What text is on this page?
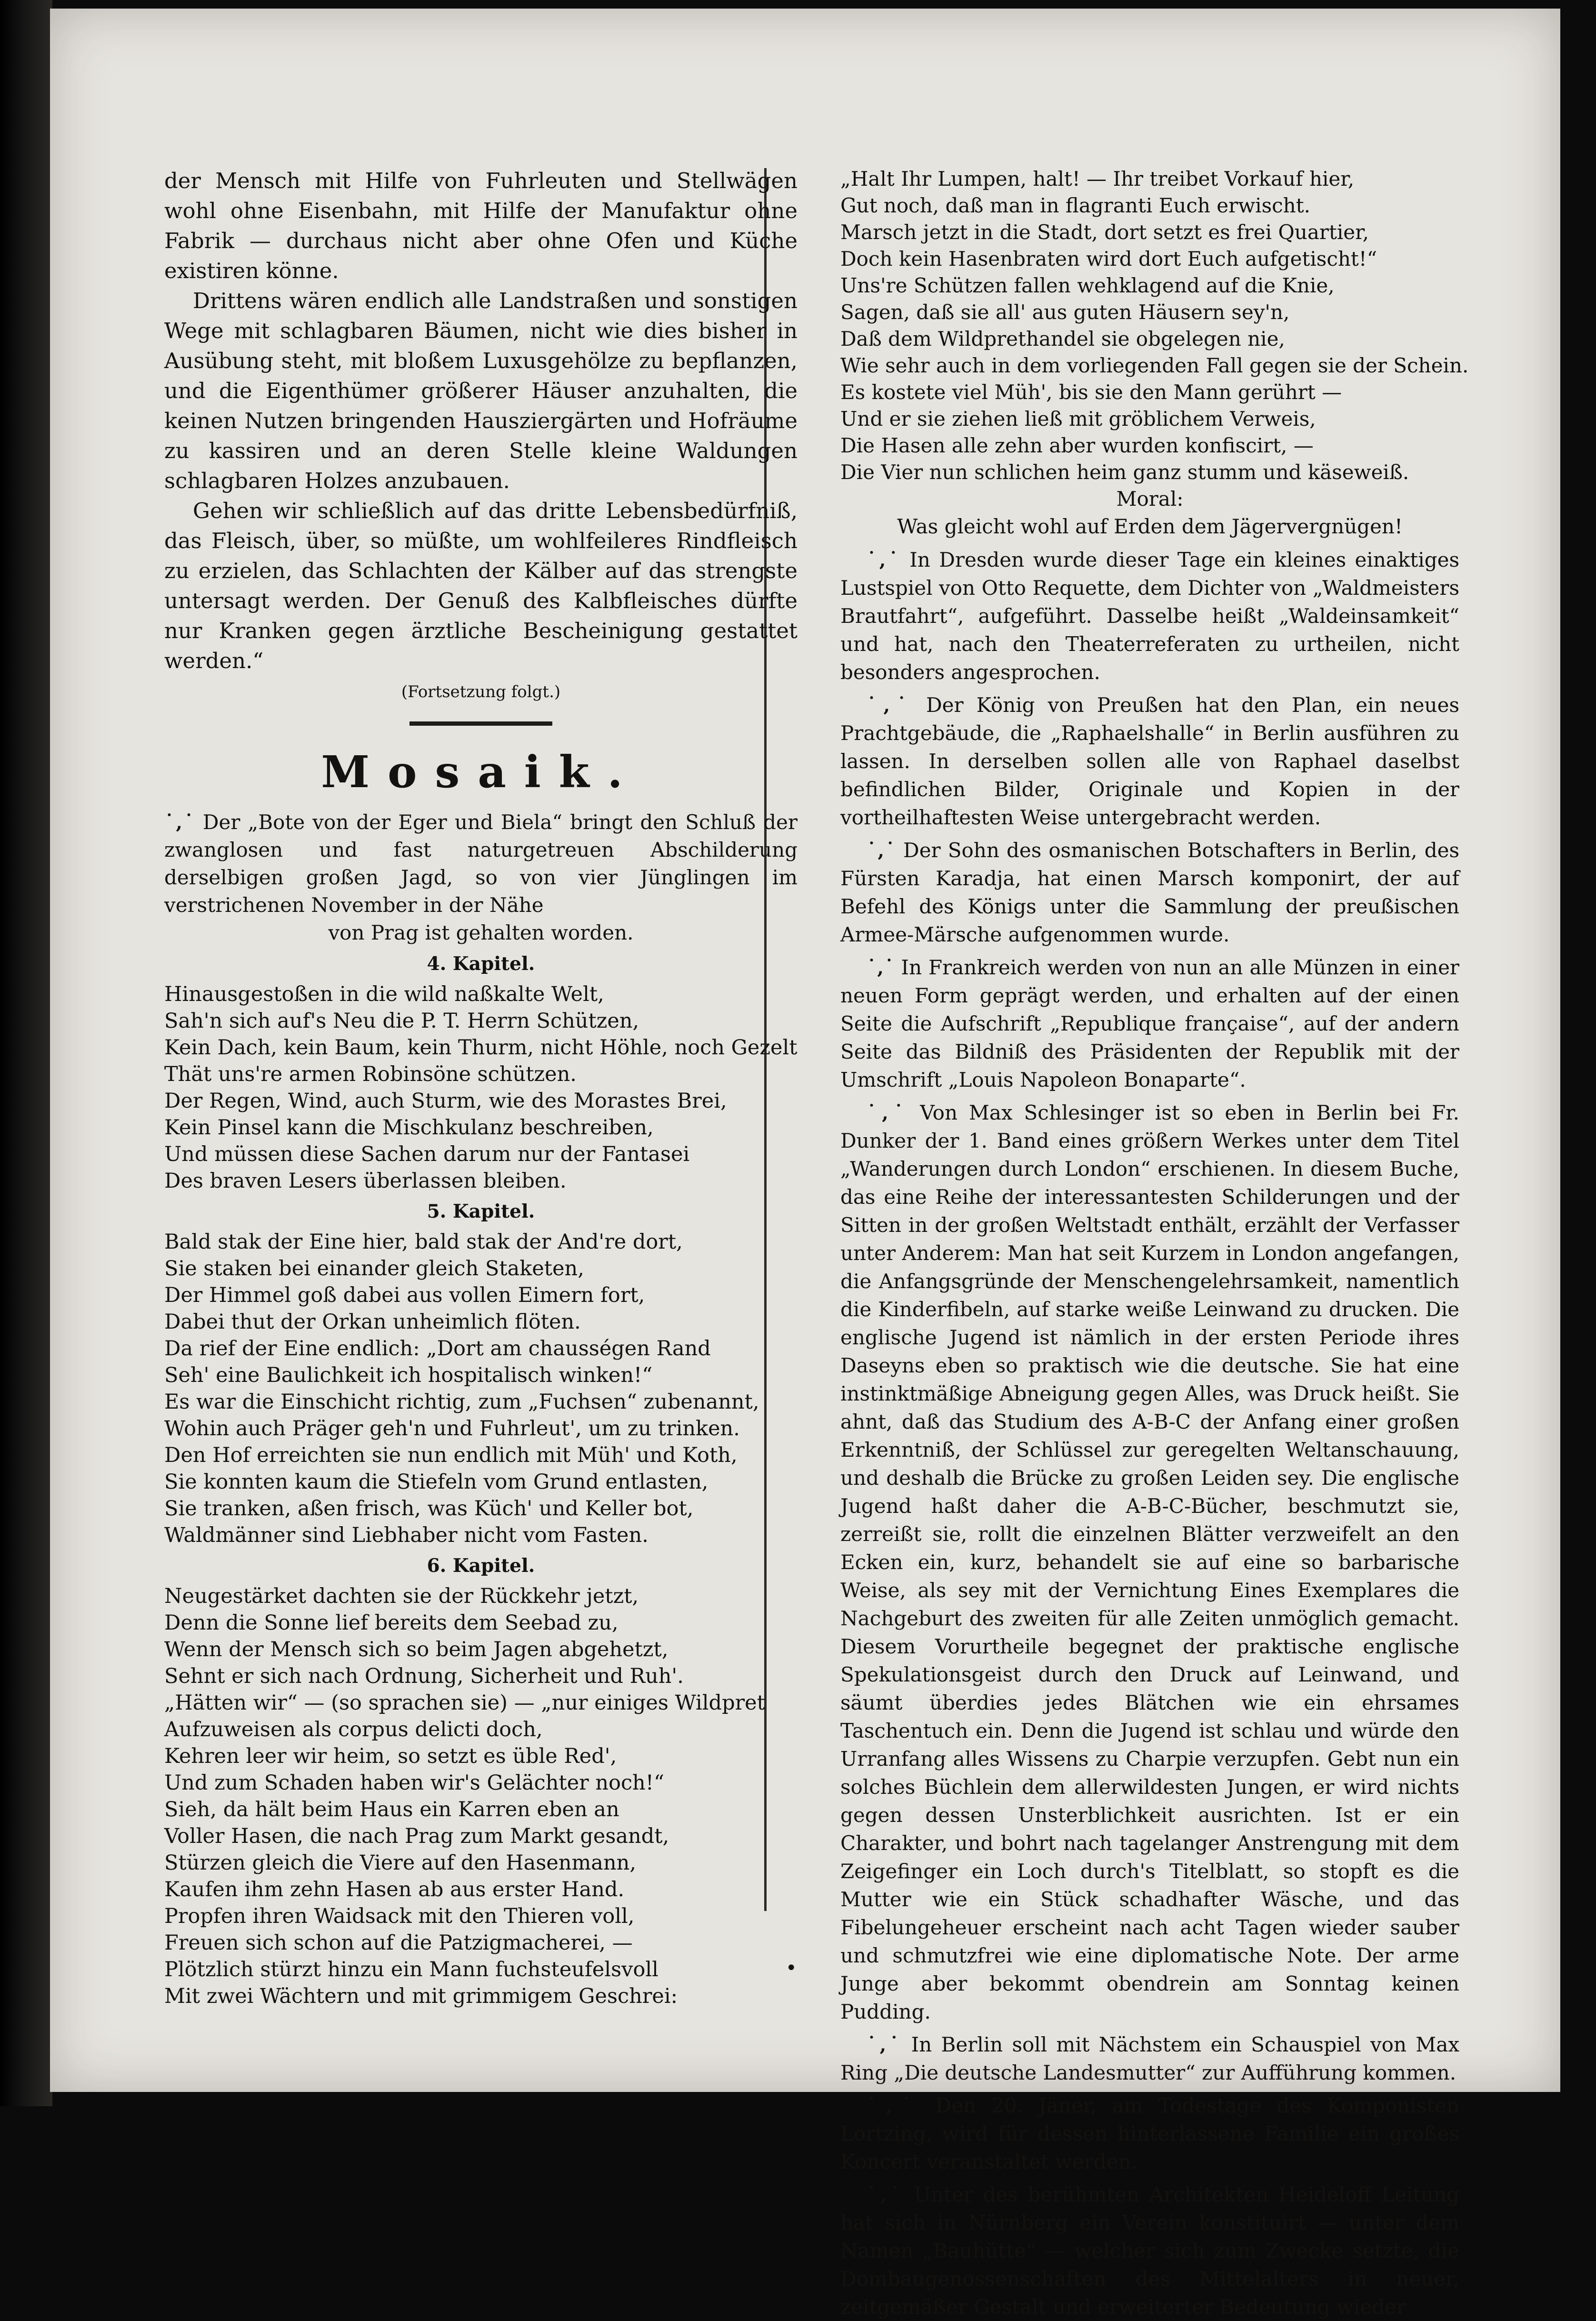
der Mensch mit Hilfe von Fuhrleuten und Stellwägen wohl ohne Eisenbahn, mit Hilfe der Manufaktur ohne Fabrik — durchaus nicht aber ohne Ofen und Küche existiren könne.

Drittens wären endlich alle Landstraßen und sonstigen Wege mit schlagbaren Bäumen, nicht wie dies bisher in Ausübung steht, mit bloßem Luxusgehölze zu bepflanzen, und die Eigenthümer größerer Häuser anzuhalten, die keinen Nutzen bringenden Hausziergärten und Hofräume zu kassiren und an deren Stelle kleine Waldungen schlagbaren Holzes anzubauen.

Gehen wir schließlich auf das dritte Lebensbedürfniß, das Fleisch, über, so müßte, um wohlfeileres Rindfleisch zu erzielen, das Schlachten der Kälber auf das strengste untersagt werden. Der Genuß des Kalbfleisches dürfte nur Kranken gegen ärztliche Bescheinigung gestattet werden.“

(Fortsetzung folgt.)

Mosaik.

˙‚˙ Der „Bote von der Eger und Biela“ bringt den Schluß der zwanglosen und fast naturgetreuen Abschilderung derselbigen großen Jagd, so von vier Jünglingen im verstrichenen November in der Nähe
von Prag ist gehalten worden.

4. Kapitel.
Hinausgestoßen in die wild naßkalte Welt,
Sah'n sich auf's Neu die P. T. Herrn Schützen,
Kein Dach, kein Baum, kein Thurm, nicht Höhle, noch Gezelt
Thät uns're armen Robinsöne schützen.
Der Regen, Wind, auch Sturm, wie des Morastes Brei,
Kein Pinsel kann die Mischkulanz beschreiben,
Und müssen diese Sachen darum nur der Fantasei
Des braven Lesers überlassen bleiben.
5. Kapitel.
Bald stak der Eine hier, bald stak der And're dort,
Sie staken bei einander gleich Staketen,
Der Himmel goß dabei aus vollen Eimern fort,
Dabei thut der Orkan unheimlich flöten.
Da rief der Eine endlich: „Dort am chausségen Rand
Seh' eine Baulichkeit ich hospitalisch winken!“
Es war die Einschicht richtig, zum „Fuchsen“ zubenannt,
Wohin auch Präger geh'n und Fuhrleut', um zu trinken.
Den Hof erreichten sie nun endlich mit Müh' und Koth,
Sie konnten kaum die Stiefeln vom Grund entlasten,
Sie tranken, aßen frisch, was Küch' und Keller bot,
Waldmänner sind Liebhaber nicht vom Fasten.
6. Kapitel.
Neugestärket dachten sie der Rückkehr jetzt,
Denn die Sonne lief bereits dem Seebad zu,
Wenn der Mensch sich so beim Jagen abgehetzt,
Sehnt er sich nach Ordnung, Sicherheit und Ruh'.
„Hätten wir“ — (so sprachen sie) — „nur einiges Wildpret
Aufzuweisen als corpus delicti doch,
Kehren leer wir heim, so setzt es üble Red',
Und zum Schaden haben wir's Gelächter noch!“
Sieh, da hält beim Haus ein Karren eben an
Voller Hasen, die nach Prag zum Markt gesandt,
Stürzen gleich die Viere auf den Hasenmann,
Kaufen ihm zehn Hasen ab aus erster Hand.
Propfen ihren Waidsack mit den Thieren voll,
Freuen sich schon auf die Patzigmacherei, —
Plötzlich stürzt hinzu ein Mann fuchsteufelsvoll
Mit zwei Wächtern und mit grimmigem Geschrei:
„Halt Ihr Lumpen, halt! — Ihr treibet Vorkauf hier,
Gut noch, daß man in flagranti Euch erwischt.
Marsch jetzt in die Stadt, dort setzt es frei Quartier,
Doch kein Hasenbraten wird dort Euch aufgetischt!“
Uns're Schützen fallen wehklagend auf die Knie,
Sagen, daß sie all' aus guten Häusern sey'n,
Daß dem Wildprethandel sie obgelegen nie,
Wie sehr auch in dem vorliegenden Fall gegen sie der Schein.
Es kostete viel Müh', bis sie den Mann gerührt —
Und er sie ziehen ließ mit gröblichem Verweis,
Die Hasen alle zehn aber wurden konfiscirt, —
Die Vier nun schlichen heim ganz stumm und käseweiß.
Moral:
Was gleicht wohl auf Erden dem Jägervergnügen!

˙‚˙ In Dresden wurde dieser Tage ein kleines einaktiges Lustspiel von Otto Requette, dem Dichter von „Waldmeisters Brautfahrt“, aufgeführt. Dasselbe heißt „Waldeinsamkeit“ und hat, nach den Theaterreferaten zu urtheilen, nicht besonders angesprochen.

˙‚˙ Der König von Preußen hat den Plan, ein neues Prachtgebäude, die „Raphaelshalle“ in Berlin ausführen zu lassen. In derselben sollen alle von Raphael daselbst befindlichen Bilder, Originale und Kopien in der vortheilhaftesten Weise untergebracht werden.

˙‚˙ Der Sohn des osmanischen Botschafters in Berlin, des Fürsten Karadja, hat einen Marsch komponirt, der auf Befehl des Königs unter die Sammlung der preußischen Armee-Märsche aufgenommen wurde.

˙‚˙ In Frankreich werden von nun an alle Münzen in einer neuen Form geprägt werden, und erhalten auf der einen Seite die Aufschrift „Republique française“, auf der andern Seite das Bildniß des Präsidenten der Republik mit der Umschrift „Louis Napoleon Bonaparte“.

˙‚˙ Von Max Schlesinger ist so eben in Berlin bei Fr. Dunker der 1. Band eines größern Werkes unter dem Titel „Wanderungen durch London“ erschienen. In diesem Buche, das eine Reihe der interessantesten Schilderungen und der Sitten in der großen Weltstadt enthält, erzählt der Verfasser unter Anderem: Man hat seit Kurzem in London angefangen, die Anfangsgründe der Menschengelehrsamkeit, namentlich die Kinderfibeln, auf starke weiße Leinwand zu drucken. Die englische Jugend ist nämlich in der ersten Periode ihres Daseyns eben so praktisch wie die deutsche. Sie hat eine instinktmäßige Abneigung gegen Alles, was Druck heißt. Sie ahnt, daß das Studium des A-B-C der Anfang einer großen Erkenntniß, der Schlüssel zur geregelten Weltanschauung, und deshalb die Brücke zu großen Leiden sey. Die englische Jugend haßt daher die A-B-C-Bücher, beschmutzt sie, zerreißt sie, rollt die einzelnen Blätter verzweifelt an den Ecken ein, kurz, behandelt sie auf eine so barbarische Weise, als sey mit der Vernichtung Eines Exemplares die Nachgeburt des zweiten für alle Zeiten unmöglich gemacht. Diesem Vorurtheile begegnet der praktische englische Spekulationsgeist durch den Druck auf Leinwand, und säumt überdies jedes Blätchen wie ein ehrsames Taschentuch ein. Denn die Jugend ist schlau und würde den Urranfang alles Wissens zu Charpie verzupfen. Gebt nun ein solches Büchlein dem allerwildesten Jungen, er wird nichts gegen dessen Unsterblichkeit ausrichten. Ist er ein Charakter, und bohrt nach tagelanger Anstrengung mit dem Zeigefinger ein Loch durch's Titelblatt, so stopft es die Mutter wie ein Stück schadhafter Wäsche, und das Fibelungeheuer erscheint nach acht Tagen wieder sauber und schmutzfrei wie eine diplomatische Note. Der arme Junge aber bekommt obendrein am Sonntag keinen Pudding.

˙‚˙ In Berlin soll mit Nächstem ein Schauspiel von Max Ring „Die deutsche Landesmutter“ zur Aufführung kommen.

˙‚˙ Den 20. Jäner, am Todestage des Komponisten Lortzing, wird für dessen hinterlassene Familie ein großes Koncert veranstaltet werden.

˙‚˙ Unter des berühmten Architekten Heideloff Leitung hat sich in Nürnberg ein Verein konstituirt — unter dem Namen „Bauhütte“ — welcher sich zum Zwecke setzte, die Dombaugenossenschaften des Mittelalters in neuer, zeitgemäßer Gestalt und erweiterter Bedeutung wieder

•
